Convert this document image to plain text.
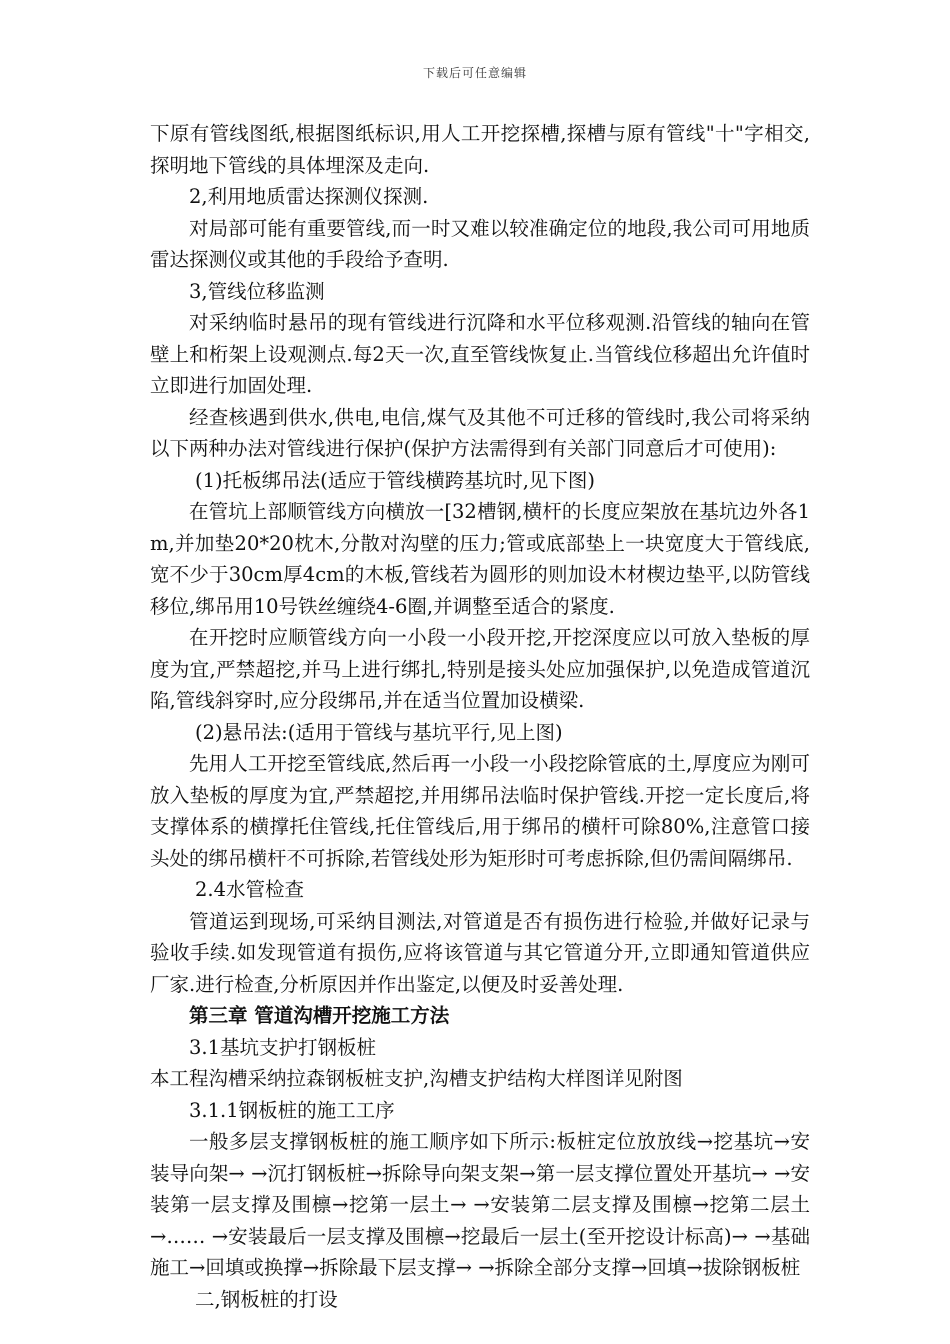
下载后可任意编辑

下原有管线图纸,根据图纸标识,用人工开挖探槽,探槽与原有管线"十"字相交,探明地下管线的具体埋深及走向.

2,利用地质雷达探测仪探测.

对局部可能有重要管线,而一时又难以较准确定位的地段,我公司可用地质雷达探测仪或其他的手段给予查明.

3,管线位移监测

对采纳临时悬吊的现有管线进行沉降和水平位移观测.沿管线的轴向在管壁上和桁架上设观测点.每2天一次,直至管线恢复止.当管线位移超出允许值时立即进行加固处理.

经查核遇到供水,供电,电信,煤气及其他不可迁移的管线时,我公司将采纳以下两种办法对管线进行保护(保护方法需得到有关部门同意后才可使用):

(1)托板绑吊法(适应于管线横跨基坑时,见下图)

在管坑上部顺管线方向横放一[32槽钢,横杆的长度应架放在基坑边外各1m,并加垫20*20枕木,分散对沟壁的压力;管或底部垫上一块宽度大于管线底,宽不少于30cm厚4cm的木板,管线若为圆形的则加设木材楔边垫平,以防管线移位,绑吊用10号铁丝缠绕4-6圈,并调整至适合的紧度.

在开挖时应顺管线方向一小段一小段开挖,开挖深度应以可放入垫板的厚度为宜,严禁超挖,并马上进行绑扎,特别是接头处应加强保护,以免造成管道沉陷,管线斜穿时,应分段绑吊,并在适当位置加设横梁.

(2)悬吊法:(适用于管线与基坑平行,见上图)

先用人工开挖至管线底,然后再一小段一小段挖除管底的土,厚度应为刚可放入垫板的厚度为宜,严禁超挖,并用绑吊法临时保护管线.开挖一定长度后,将支撑体系的横撑托住管线,托住管线后,用于绑吊的横杆可除80%,注意管口接头处的绑吊横杆不可拆除,若管线处形为矩形时可考虑拆除,但仍需间隔绑吊.

2.4水管检查

管道运到现场,可采纳目测法,对管道是否有损伤进行检验,并做好记录与验收手续.如发现管道有损伤,应将该管道与其它管道分开,立即通知管道供应厂家.进行检查,分析原因并作出鉴定,以便及时妥善处理.

第三章 管道沟槽开挖施工方法

3.1基坑支护打钢板桩

本工程沟槽采纳拉森钢板桩支护,沟槽支护结构大样图详见附图

3.1.1钢板桩的施工工序

一般多层支撑钢板桩的施工顺序如下所示:板桩定位放放线→挖基坑→安装导向架→ →沉打钢板桩→拆除导向架支架→第一层支撑位置处开基坑→ →安装第一层支撑及围檩→挖第一层土→ →安装第二层支撑及围檩→挖第二层土→…… →安装最后一层支撑及围檩→挖最后一层土(至开挖设计标高)→ →基础施工→回填或换撑→拆除最下层支撑→ →拆除全部分支撑→回填→拔除钢板桩

二,钢板桩的打设
